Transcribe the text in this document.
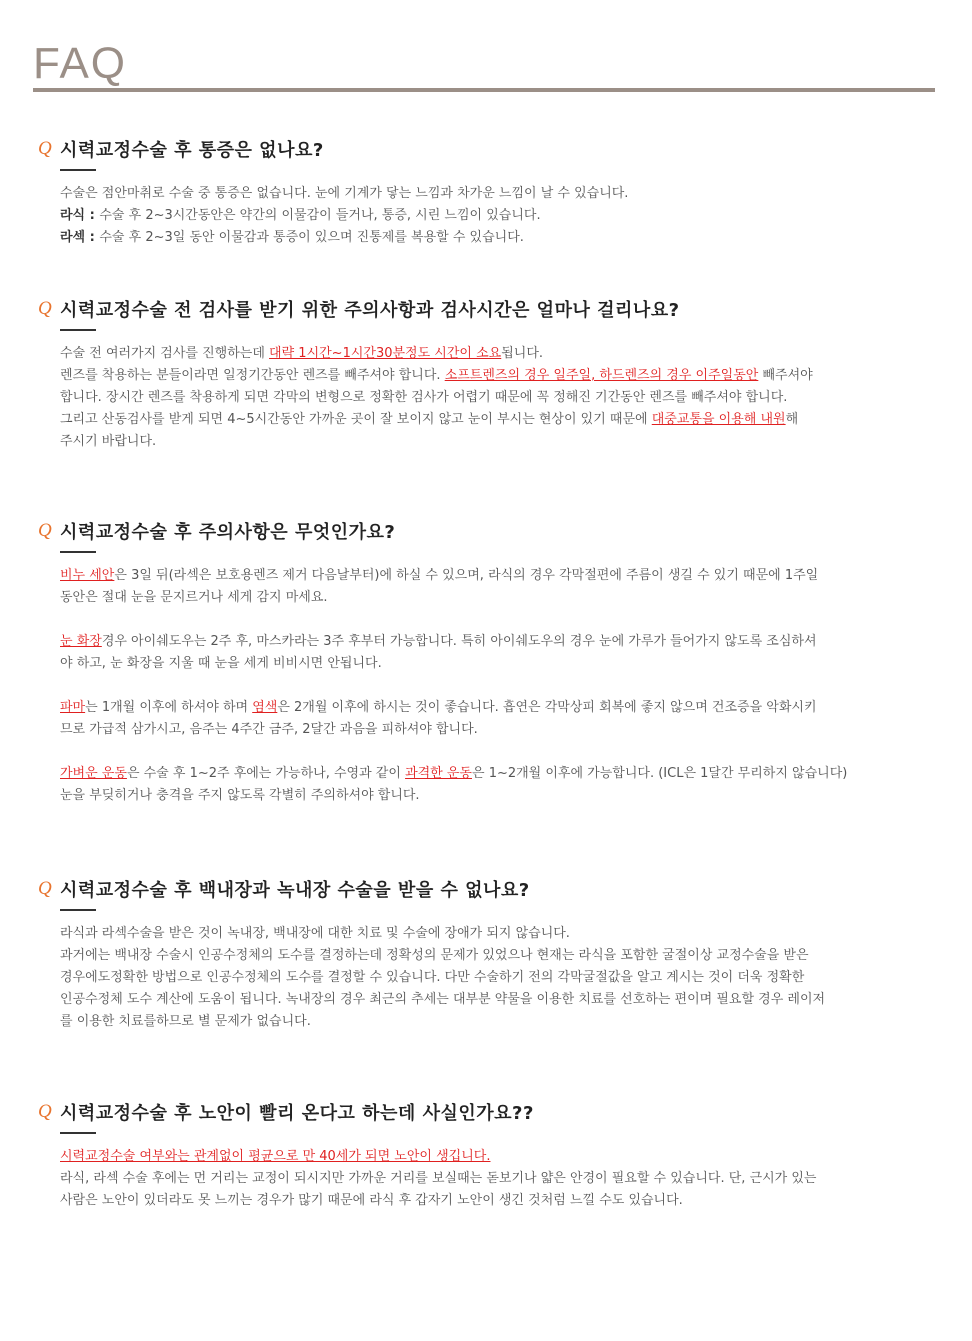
FAQ
Q 시력교정수술 후 통증은 없나요?

수술은 점안마취로 수술 중 통증은 없습니다. 눈에 기계가 닿는 느낌과 차가운 느낌이 날 수 있습니다.

라식 : 수술 후 2~3시간동안은 약간의 이물감이 들거나, 통증, 시린 느낌이 있습니다.

라섹 : 수술 후 2~3일 동안 이물감과 통증이 있으며 진통제를 복용할 수 있습니다.

Q 시력교정수술 전 검사를 받기 위한 주의사항과 검사시간은 얼마나 걸리나요?

수술 전 여러가지 검사를 진행하는데 대략 1시간~1시간30분정도 시간이 소요됩니다.

렌즈를 착용하는 분들이라면 일정기간동안 렌즈를 빼주셔야 합니다. 소프트렌즈의 경우 일주일, 하드렌즈의 경우 이주일동안 빼주셔야

합니다. 장시간 렌즈를 착용하게 되면 각막의 변형으로 정확한 검사가 어렵기 때문에 꼭 정해진 기간동안 렌즈를 빼주셔야 합니다.

그리고 산동검사를 받게 되면 4~5시간동안 가까운 곳이 잘 보이지 않고 눈이 부시는 현상이 있기 때문에 대중교통을 이용해 내원해

주시기 바랍니다.

Q 시력교정수술 후 주의사항은 무엇인가요?

비누 세안은 3일 뒤(라섹은 보호용렌즈 제거 다음날부터)에 하실 수 있으며, 라식의 경우 각막절편에 주름이 생길 수 있기 때문에 1주일

동안은 절대 눈을 문지르거나 세게 감지 마세요.

눈 화장경우 아이쉐도우는 2주 후, 마스카라는 3주 후부터 가능합니다. 특히 아이쉐도우의 경우 눈에 가루가 들어가지 않도록 조심하셔

야 하고, 눈 화장을 지울 때 눈을 세게 비비시면 안됩니다.

파마는 1개월 이후에 하셔야 하며 염색은 2개월 이후에 하시는 것이 좋습니다. 흡연은 각막상피 회복에 좋지 않으며 건조증을 악화시키

므로 가급적 삼가시고, 음주는 4주간 금주, 2달간 과음을 피하셔야 합니다.

가벼운 운동은 수술 후 1~2주 후에는 가능하나, 수영과 같이 과격한 운동은 1~2개월 이후에 가능합니다. (ICL은 1달간 무리하지 않습니다)

눈을 부딪히거나 충격을 주지 않도록 각별히 주의하셔야 합니다.

Q 시력교정수술 후 백내장과 녹내장 수술을 받을 수 없나요?

라식과 라섹수술을 받은 것이 녹내장, 백내장에 대한 치료 및 수술에 장애가 되지 않습니다.

과거에는 백내장 수술시 인공수정체의 도수를 결정하는데 정확성의 문제가 있었으나 현재는 라식을 포함한 굴절이상 교정수술을 받은

경우에도정확한 방법으로 인공수정체의 도수를 결정할 수 있습니다. 다만 수술하기 전의 각막굴절값을 알고 계시는 것이 더욱 정확한

인공수정체 도수 계산에 도움이 됩니다. 녹내장의 경우 최근의 추세는 대부분 약물을 이용한 치료를 선호하는 편이며 필요할 경우 레이저

를 이용한 치료를하므로 별 문제가 없습니다.

Q 시력교정수술 후 노안이 빨리 온다고 하는데 사실인가요??

시력교정수술 여부와는 관계없이 평균으로 만 40세가 되면 노안이 생깁니다.

라식, 라섹 수술 후에는 먼 거리는 교정이 되시지만 가까운 거리를 보실때는 돋보기나 얇은 안경이 필요할 수 있습니다. 단, 근시가 있는

사람은 노안이 있더라도 못 느끼는 경우가 많기 때문에 라식 후 갑자기 노안이 생긴 것처럼 느낄 수도 있습니다.
